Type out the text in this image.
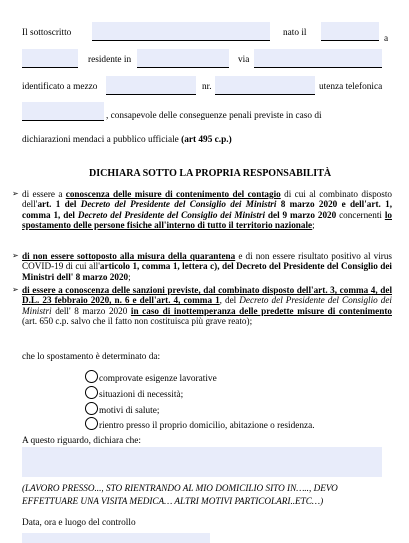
Il sottoscritto	nato il
a
residente in	via
identificato a mezzo	nr.	utenza telefonica
, consapevole delle conseguenze penali previste in caso di
dichiarazioni mendaci a pubblico ufficiale (art 495 c.p.)
DICHIARA SOTTO LA PROPRIA RESPONSABILITÀ
➢ di essere a conoscenza delle misure di contenimento del contagio di cui al combinato disposto dell'art. 1 del Decreto del Presidente del Consiglio dei Ministri 8 marzo 2020 e dell'art. 1, comma 1, del Decreto del Presidente del Consiglio dei Ministri del 9 marzo 2020 concernenti lo spostamento delle persone fisiche all'interno di tutto il territorio nazionale;
➢ di non essere sottoposto alla misura della quarantena e di non essere risultato positivo al virus COVID-19 di cui all'articolo 1, comma 1, lettera c), del Decreto del Presidente del Consiglio dei Ministri dell' 8 marzo 2020;
➢ di essere a conoscenza delle sanzioni previste, dal combinato disposto dell'art. 3, comma 4, del D.L. 23 febbraio 2020, n. 6 e dell'art. 4, comma 1, del Decreto del Presidente del Consiglio dei Ministri dell' 8 marzo 2020 in caso di inottemperanza delle predette misure di contenimento (art. 650 c.p. salvo che il fatto non costituisca più grave reato);
che lo spostamento è determinato da:
comprovate esigenze lavorative
situazioni di necessità;
motivi di salute;
rientro presso il proprio domicilio, abitazione o residenza.
A questo riguardo, dichiara che:
(LAVORO PRESSO..., STO RIENTRANDO AL MIO DOMICILIO SITO IN….., DEVO
EFFETTUARE UNA VISITA MEDICA… ALTRI MOTIVI PARTICOLARI..ETC…)
Data, ora e luogo del controllo
